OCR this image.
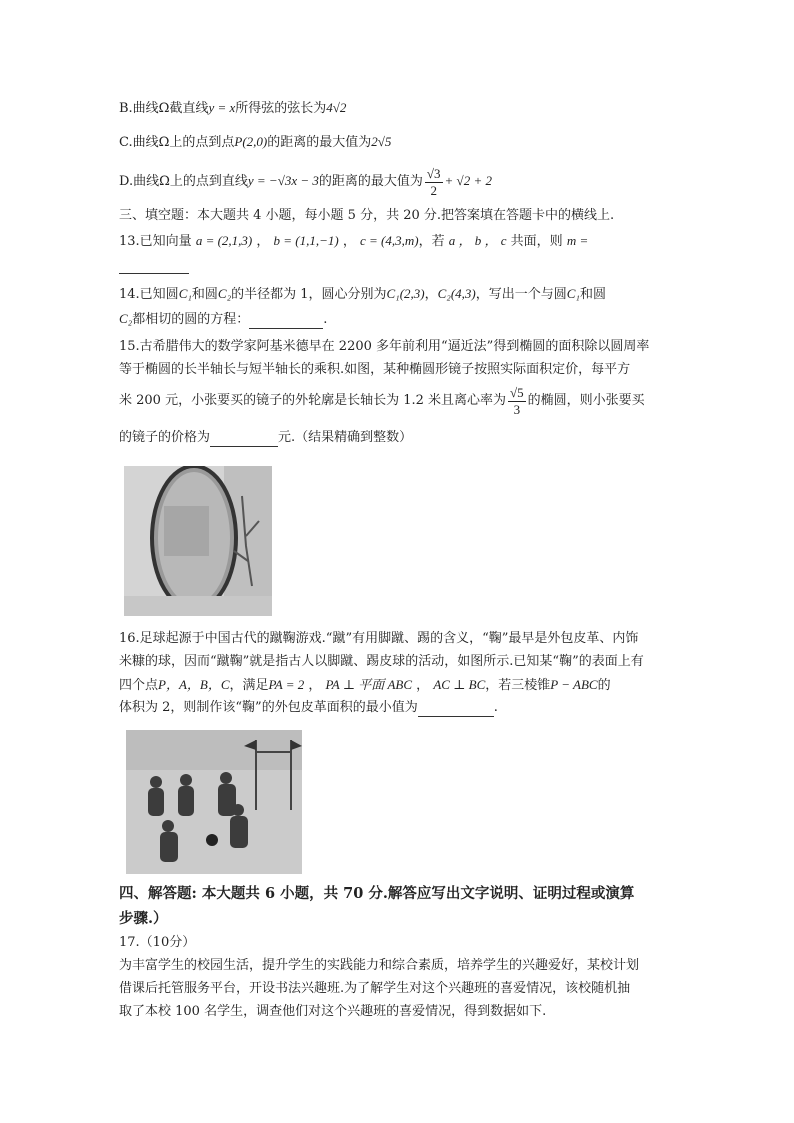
B.曲线Ω截直线y = x所得弦的弦长为4√2
C.曲线Ω上的点到点P(2,0)的距离的最大值为2√5
D.曲线Ω上的点到直线y = −√3x − 3的距离的最大值为 $\frac{√3}{2} + √2 + 2$
三、填空题：本大题共 4 小题，每小题 5 分，共 20 分.把答案填在答题卡中的横线上.
13.已知向量 a = (2,1,3) ， b = (1,1,−1) ， c = (4,3,m)，若 a ， b ， c 共面，则 m =
14.已知圆C₁和圆C₂的半径都为 1，圆心分别为C₁(2,3)，C₂(4,3)，写出一个与圆C₁和圆
C₂都相切的圆的方程：	.
15.古希腊伟大的数学家阿基米德早在 2200 多年前利用“逼近法”得到椭圆的面积除以圆周率
等于椭圆的长半轴长与短半轴长的乘积.如图，某种椭圆形镜子按照实际面积定价，每平方
米 200 元，小张要买的镜子的外轮廓是长轴长为 1.2 米且离心率为 $\frac{√5}{3}$ 的椭圆，则小张要买
的镜子的价格为	元.（结果精确到整数）
16.足球起源于中国古代的蹴鞠游戏.“蹴”有用脚蹴、踢的含义，“鞠”最早是外包皮革、内饰
米糠的球，因而“蹴鞠”就是指古人以脚蹴、踢皮球的活动，如图所示.已知某“鞠”的表面上有
四个点P，A，B，C，满足PA = 2 ， PA ⊥ 平面 ABC ， AC ⊥ BC，若三棱锥P − ABC的
体积为 2，则制作该“鞠”的外包皮革面积的最小值为	.
四、解答题: 本大题共 6 小题，共 70 分.解答应写出文字说明、证明过程或演算
步骤.）
17.（10分）
为丰富学生的校园生活，提升学生的实践能力和综合素质，培养学生的兴趣爱好，某校计划
借课后托管服务平台，开设书法兴趣班.为了解学生对这个兴趣班的喜爱情况，该校随机抽
取了本校 100 名学生，调查他们对这个兴趣班的喜爱情况，得到数据如下.
